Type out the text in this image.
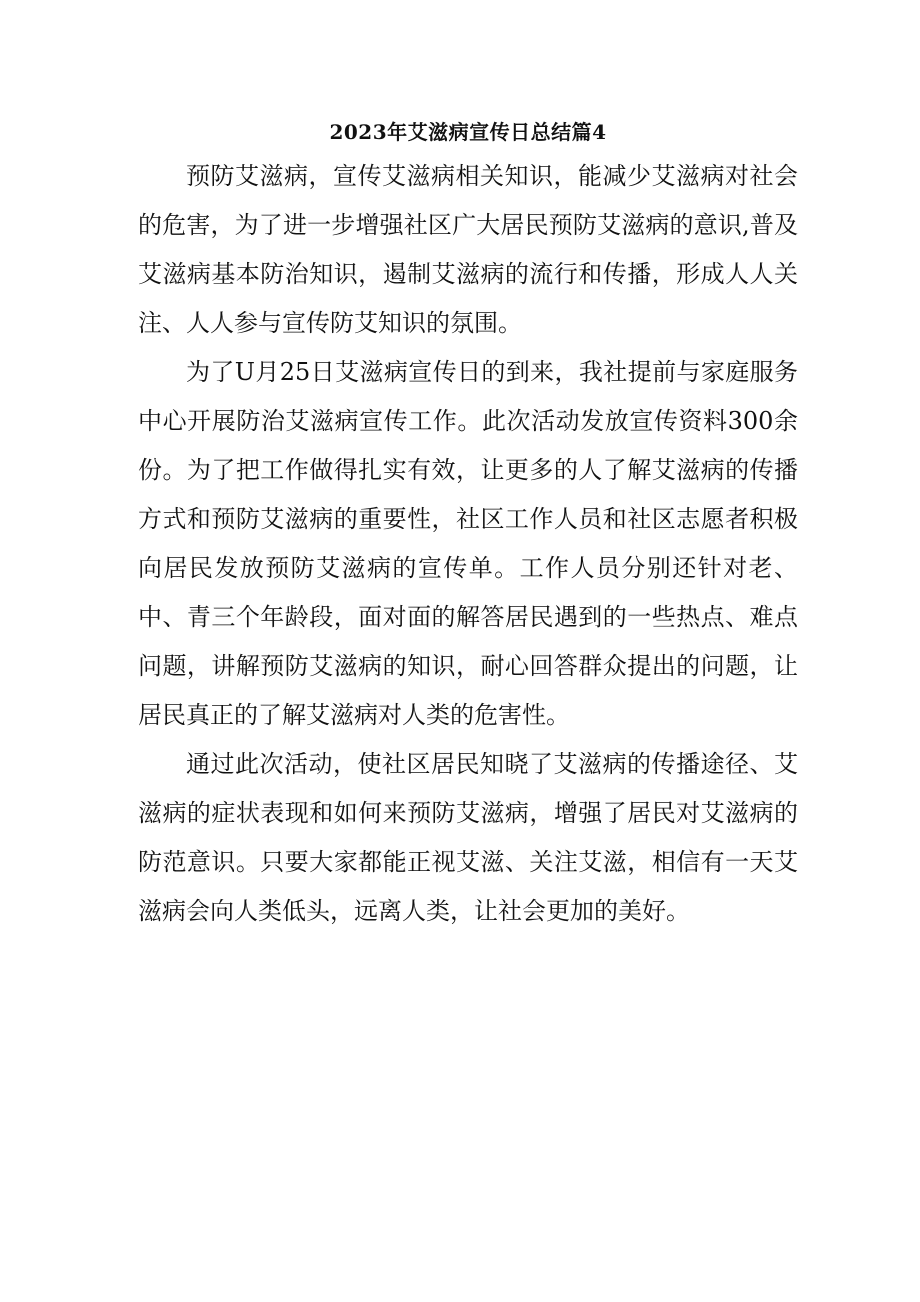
2023年艾滋病宣传日总结篇4

预防艾滋病，宣传艾滋病相关知识，能减少艾滋病对社会的危害，为了进一步增强社区广大居民预防艾滋病的意识,普及艾滋病基本防治知识，遏制艾滋病的流行和传播，形成人人关注、人人参与宣传防艾知识的氛围。

为了U月25日艾滋病宣传日的到来，我社提前与家庭服务中心开展防治艾滋病宣传工作。此次活动发放宣传资料300余份。为了把工作做得扎实有效，让更多的人了解艾滋病的传播方式和预防艾滋病的重要性，社区工作人员和社区志愿者积极向居民发放预防艾滋病的宣传单。工作人员分别还针对老、中、青三个年龄段，面对面的解答居民遇到的一些热点、难点问题，讲解预防艾滋病的知识，耐心回答群众提出的问题，让居民真正的了解艾滋病对人类的危害性。

通过此次活动，使社区居民知晓了艾滋病的传播途径、艾滋病的症状表现和如何来预防艾滋病，增强了居民对艾滋病的防范意识。只要大家都能正视艾滋、关注艾滋，相信有一天艾滋病会向人类低头，远离人类，让社会更加的美好。
